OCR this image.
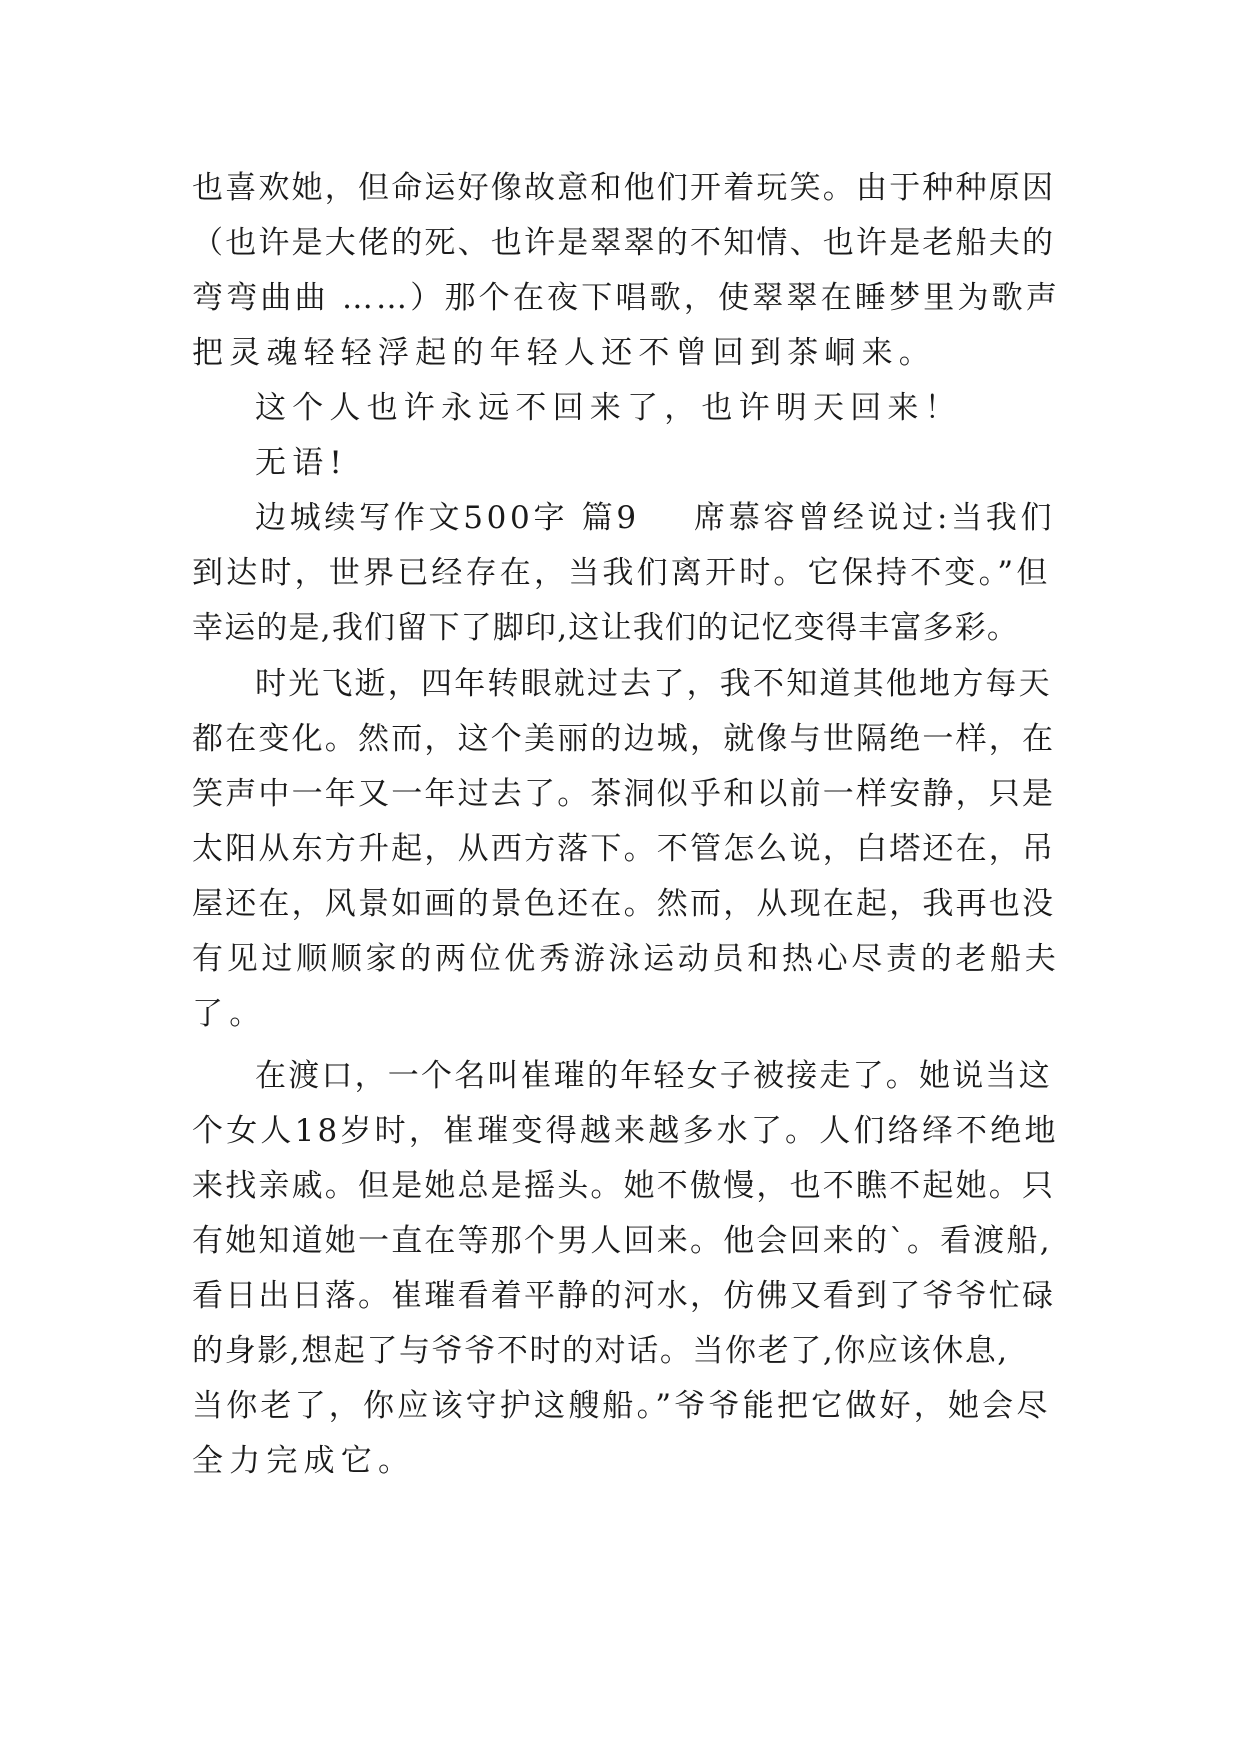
也喜欢她，但命运好像故意和他们开着玩笑。由于种种原因
（也许是大佬的死、也许是翠翠的不知情、也许是老船夫的
弯弯曲曲 ……）那个在夜下唱歌，使翠翠在睡梦里为歌声
把灵魂轻轻浮起的年轻人还不曾回到茶峒来。
这个人也许永远不回来了，也许明天回来！
无语!
边城续写作文500字 篇9    席慕容曾经说过:当我们
到达时，世界已经存在，当我们离开时。它保持不变。”但
幸运的是,我们留下了脚印,这让我们的记忆变得丰富多彩。
时光飞逝，四年转眼就过去了，我不知道其他地方每天
都在变化。然而，这个美丽的边城，就像与世隔绝一样，在
笑声中一年又一年过去了。茶洞似乎和以前一样安静，只是
太阳从东方升起，从西方落下。不管怎么说，白塔还在，吊
屋还在，风景如画的景色还在。然而，从现在起，我再也没
有见过顺顺家的两位优秀游泳运动员和热心尽责的老船夫
了。
在渡口，一个名叫崔璀的年轻女子被接走了。她说当这
个女人18岁时，崔璀变得越来越多水了。人们络绎不绝地
来找亲戚。但是她总是摇头。她不傲慢，也不瞧不起她。只
有她知道她一直在等那个男人回来。他会回来的`。看渡船,
看日出日落。崔璀看着平静的河水，仿佛又看到了爷爷忙碌
的身影,想起了与爷爷不时的对话。当你老了,你应该休息,
当你老了，你应该守护这艘船。”爷爷能把它做好，她会尽
全力完成它。
